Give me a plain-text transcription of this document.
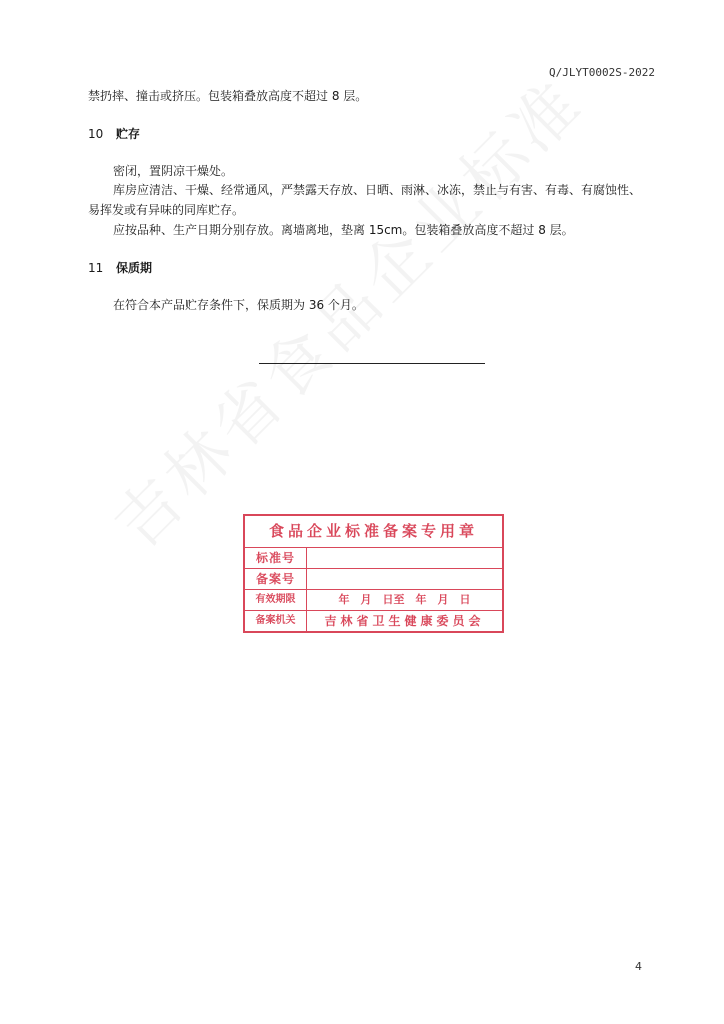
Q/JLYT0002S-2022
禁扔摔、撞击或挤压。包装箱叠放高度不超过 8 层。
10 贮存
密闭，置阴凉干燥处。
库房应清洁、干燥、经常通风，严禁露天存放、日晒、雨淋、冰冻，禁止与有害、有毒、有腐蚀性、
易挥发或有异味的同库贮存。
应按品种、生产日期分别存放。离墙离地，垫离 15cm。包装箱叠放高度不超过 8 层。
11 保质期
在符合本产品贮存条件下，保质期为 36 个月。
食品企业标准备案专用章
标准号
备案号
有效期限	年　月　日至　年　月　日
备案机关	吉林省卫生健康委员会
4
